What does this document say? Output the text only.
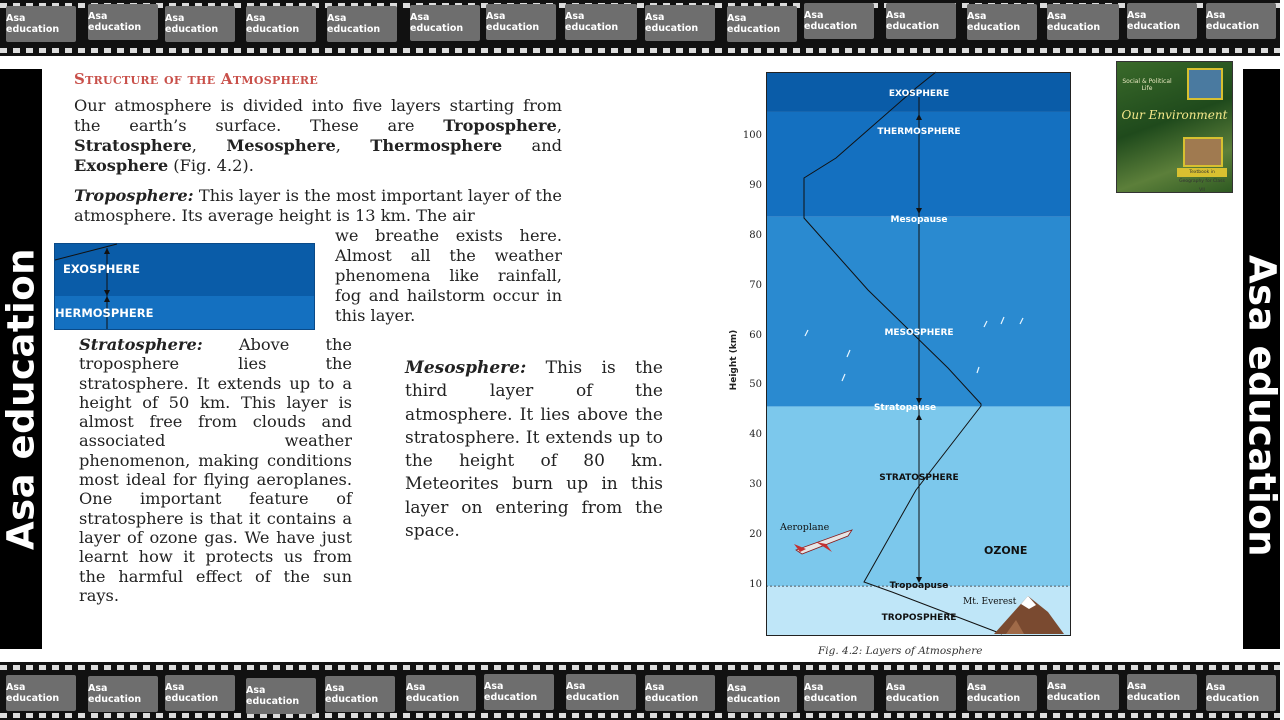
Asa education
Asa education
Asa education
Asa education
Asa education
Asa education
Asa education
Asa education
Asa education
Asa education
Asa education
Asa education
Asa education
Asa education
Asa education
Asa education
Asa education	Asa education
Structure of the Atmosphere

Our atmosphere is divided into five layers starting from the earth’s surface. These are Troposphere, Stratosphere, Mesosphere, Thermosphere and Exosphere (Fig. 4.2).

Troposphere: This layer is the most important layer of the atmosphere. Its average height is 13 km. The air

we breathe exists here. Almost all the weather phenomena like rainfall, fog and hailstorm occur in this layer.

EXOSPHERE
HERMOSPHERE

Stratosphere: Above the troposphere lies the stratosphere. It extends up to a height of 50 km. This layer is almost free from clouds and associated weather phenomenon, making conditions most ideal for flying aeroplanes. One important feature of stratosphere is that it contains a layer of ozone gas. We have just learnt how it protects us from the harmful effect of the sun rays.

Mesosphere: This is the third layer of the atmosphere. It lies above the stratosphere. It extends up to the height of 80 km. Meteorites burn up in this layer on entering from the space.

Height (km)
10
20
30
40
50
60
70
80
90
100
EXOSPHERE
THERMOSPHERE
Mesopause
MESOSPHERE
Stratopause
STRATOSPHERE
Tropoapuse
TROPOSPHERE
Aeroplane
OZONE
Mt. Everest
Fig. 4.2: Layers of Atmosphere
Social & Political Life
Our Environment
Textbook in Geography for Class VII
Asa education
Asa education
Asa education
Asa education
Asa education
Asa education
Asa education
Asa education
Asa education
Asa education
Asa education
Asa education
Asa education
Asa education
Asa education
Asa education
